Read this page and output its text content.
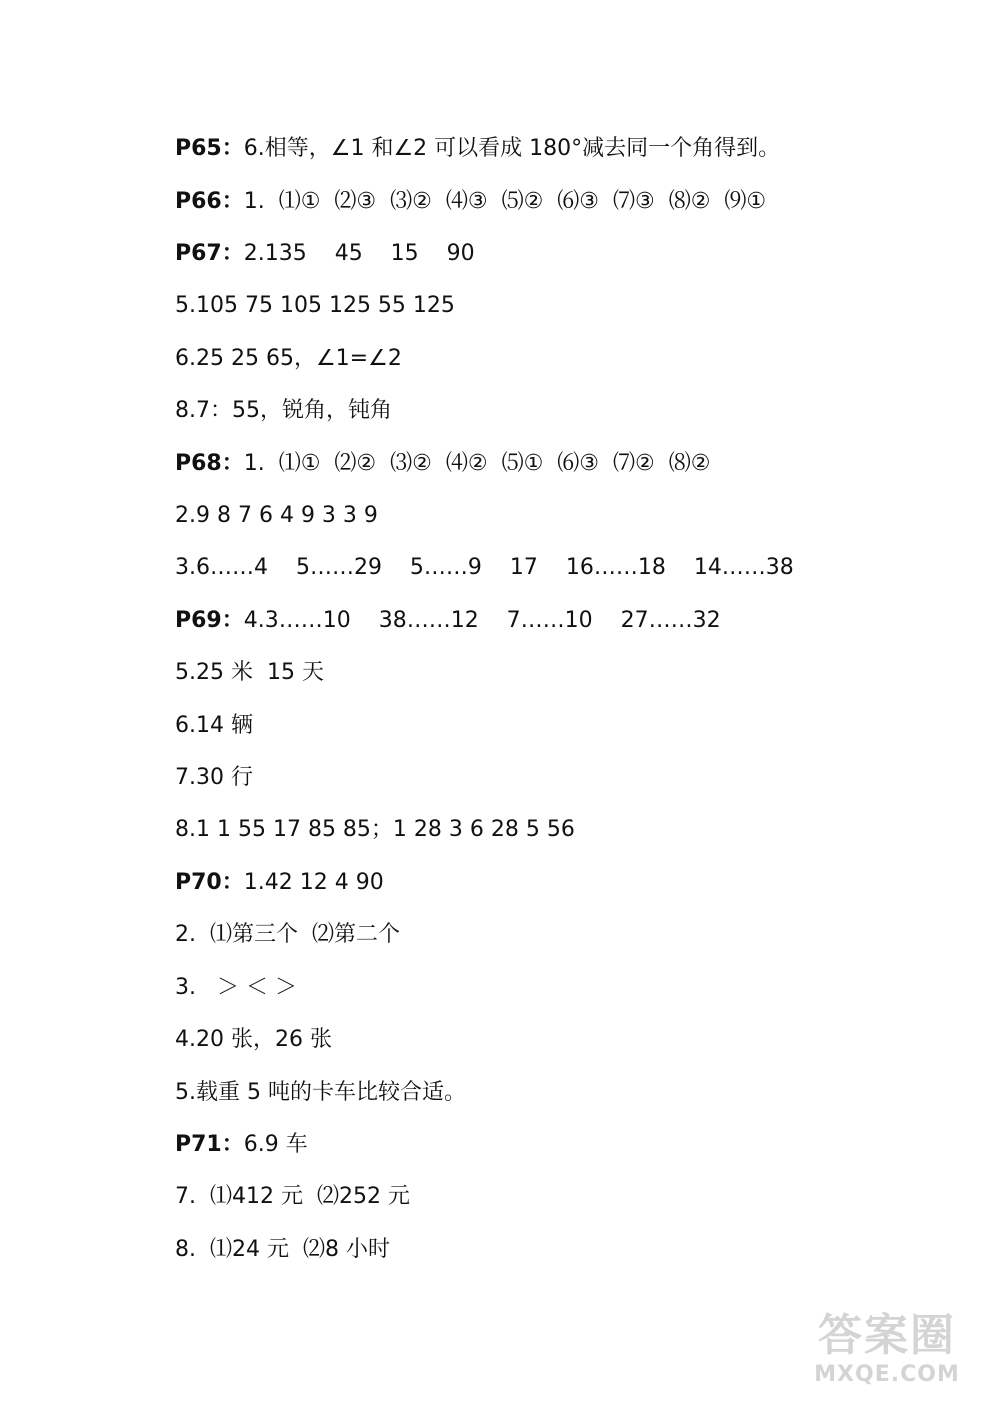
P65：6.相等，∠1 和∠2 可以看成 180°减去同一个角得到。
P66：1.  ⑴①  ⑵③  ⑶②  ⑷③  ⑸②  ⑹③  ⑺③  ⑻②  ⑼①
P67：2.135    45    15    90
5.105 75 105 125 55 125
6.25 25 65，∠1=∠2
8.7：55，锐角，钝角
P68：1.  ⑴①  ⑵②  ⑶②  ⑷②  ⑸①  ⑹③  ⑺②  ⑻②
2.9 8 7 6 4 9 3 3 9
3.6……4    5……29    5……9    17    16……18    14……38
P69：4.3……10    38……12    7……10    27……32
5.25 米  15 天
6.14 辆
7.30 行
8.1 1 55 17 85 85；1 28 3 6 28 5 56
P70：1.42 12 4 90
2.  ⑴第三个  ⑵第二个
3.   ＞ ＜ ＞
4.20 张，26 张
5.载重 5 吨的卡车比较合适。
P71：6.9 车
7.  ⑴412 元  ⑵252 元
8.  ⑴24 元  ⑵8 小时
答案圈
MXQE.COM
